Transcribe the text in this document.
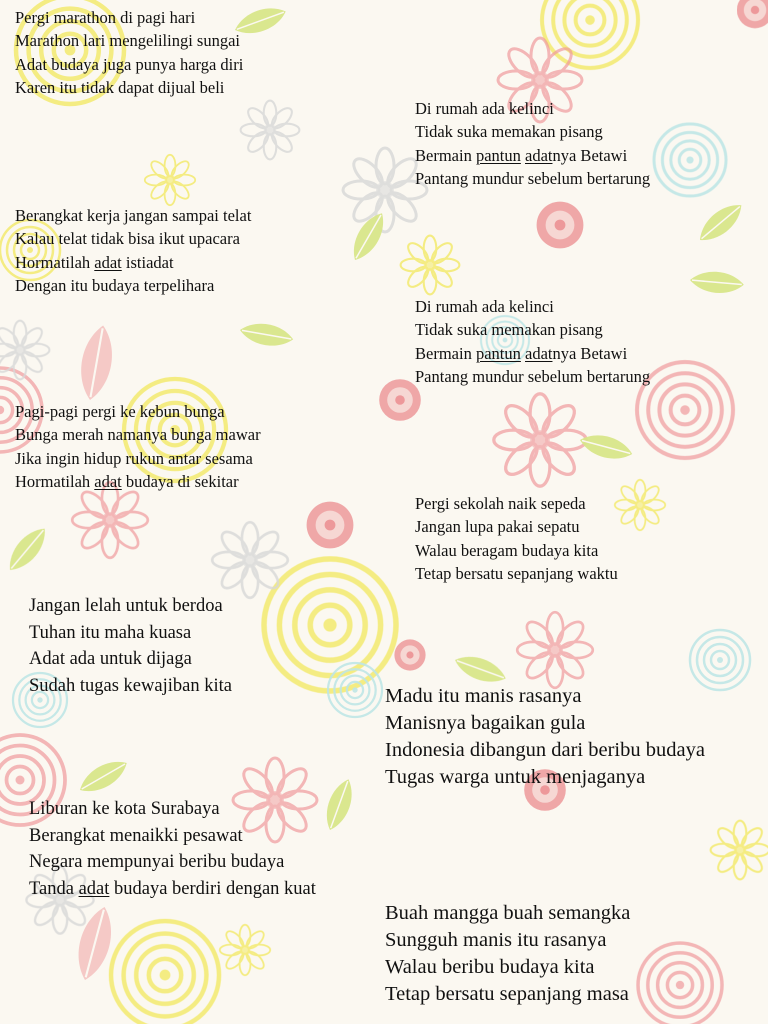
Pergi marathon di pagi hari
Marathon lari mengelilingi sungai
Adat budaya juga punya harga diri
Karen itu tidak dapat dijual beli
Di rumah ada kelinci
Tidak suka memakan pisang
Bermain pantun adatnya Betawi
Pantang mundur sebelum bertarung
Berangkat kerja jangan sampai telat
Kalau telat tidak bisa ikut upacara
Hormatilah adat istiadat
Dengan itu budaya terpelihara
Di rumah ada kelinci
Tidak suka memakan pisang
Bermain pantun adatnya Betawi
Pantang mundur sebelum bertarung
Pagi-pagi pergi ke kebun bunga
Bunga merah namanya bunga mawar
Jika ingin hidup rukun antar sesama
Hormatilah adat budaya di sekitar
Pergi sekolah naik sepeda
Jangan lupa pakai sepatu
Walau beragam budaya kita
Tetap bersatu sepanjang waktu
Jangan lelah untuk berdoa
Tuhan itu maha kuasa
Adat ada untuk dijaga
Sudah tugas kewajiban kita	Madu itu manis rasanya
Manisnya bagaikan gula
Indonesia dibangun dari beribu budaya
Tugas warga untuk menjaganya
Liburan ke kota Surabaya
Berangkat menaikki pesawat
Negara mempunyai beribu budaya
Tanda adat budaya berdiri dengan kuat
Buah mangga buah semangka
Sungguh manis itu rasanya
Walau beribu budaya kita
Tetap bersatu sepanjang masa
